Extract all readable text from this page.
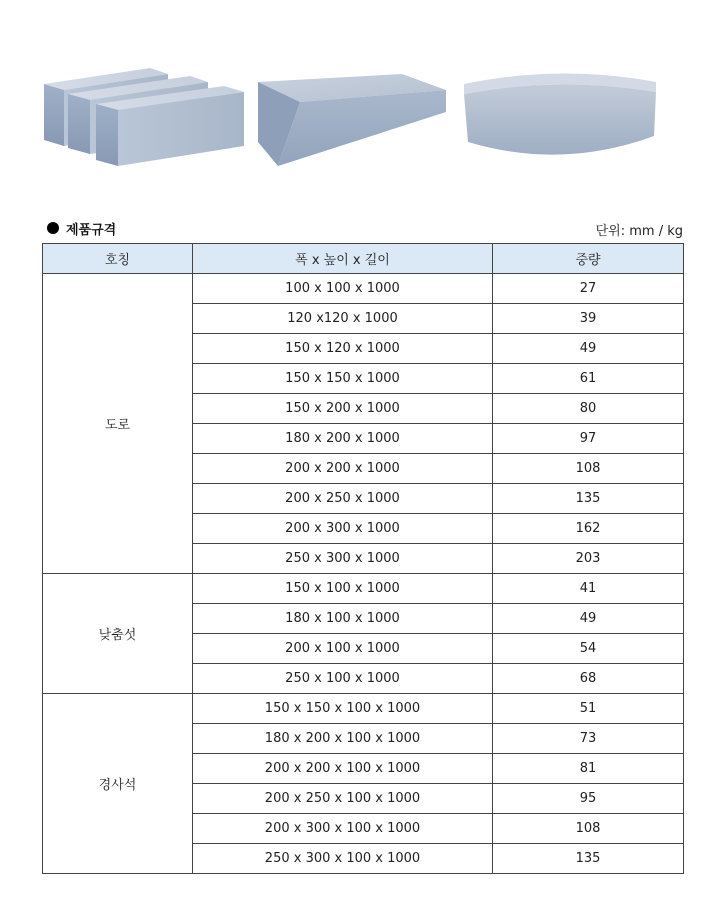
제품규격	단위: mm / kg
호칭	폭 x 높이 x 길이	중량
도로	100 x 100 x 1000	27
	120 x120 x 1000	39
	150 x 120 x 1000	49
	150 x 150 x 1000	61
	150 x 200 x 1000	80
	180 x 200 x 1000	97
	200 x 200 x 1000	108
	200 x 250 x 1000	135
	200 x 300 x 1000	162
	250 x 300 x 1000	203
낮춤섯	150 x 100 x 1000	41
	180 x 100 x 1000	49
	200 x 100 x 1000	54
	250 x 100 x 1000	68
경사석	150 x 150 x 100 x 1000	51
	180 x 200 x 100 x 1000	73
	200 x 200 x 100 x 1000	81
	200 x 250 x 100 x 1000	95
	200 x 300 x 100 x 1000	108
	250 x 300 x 100 x 1000	135
